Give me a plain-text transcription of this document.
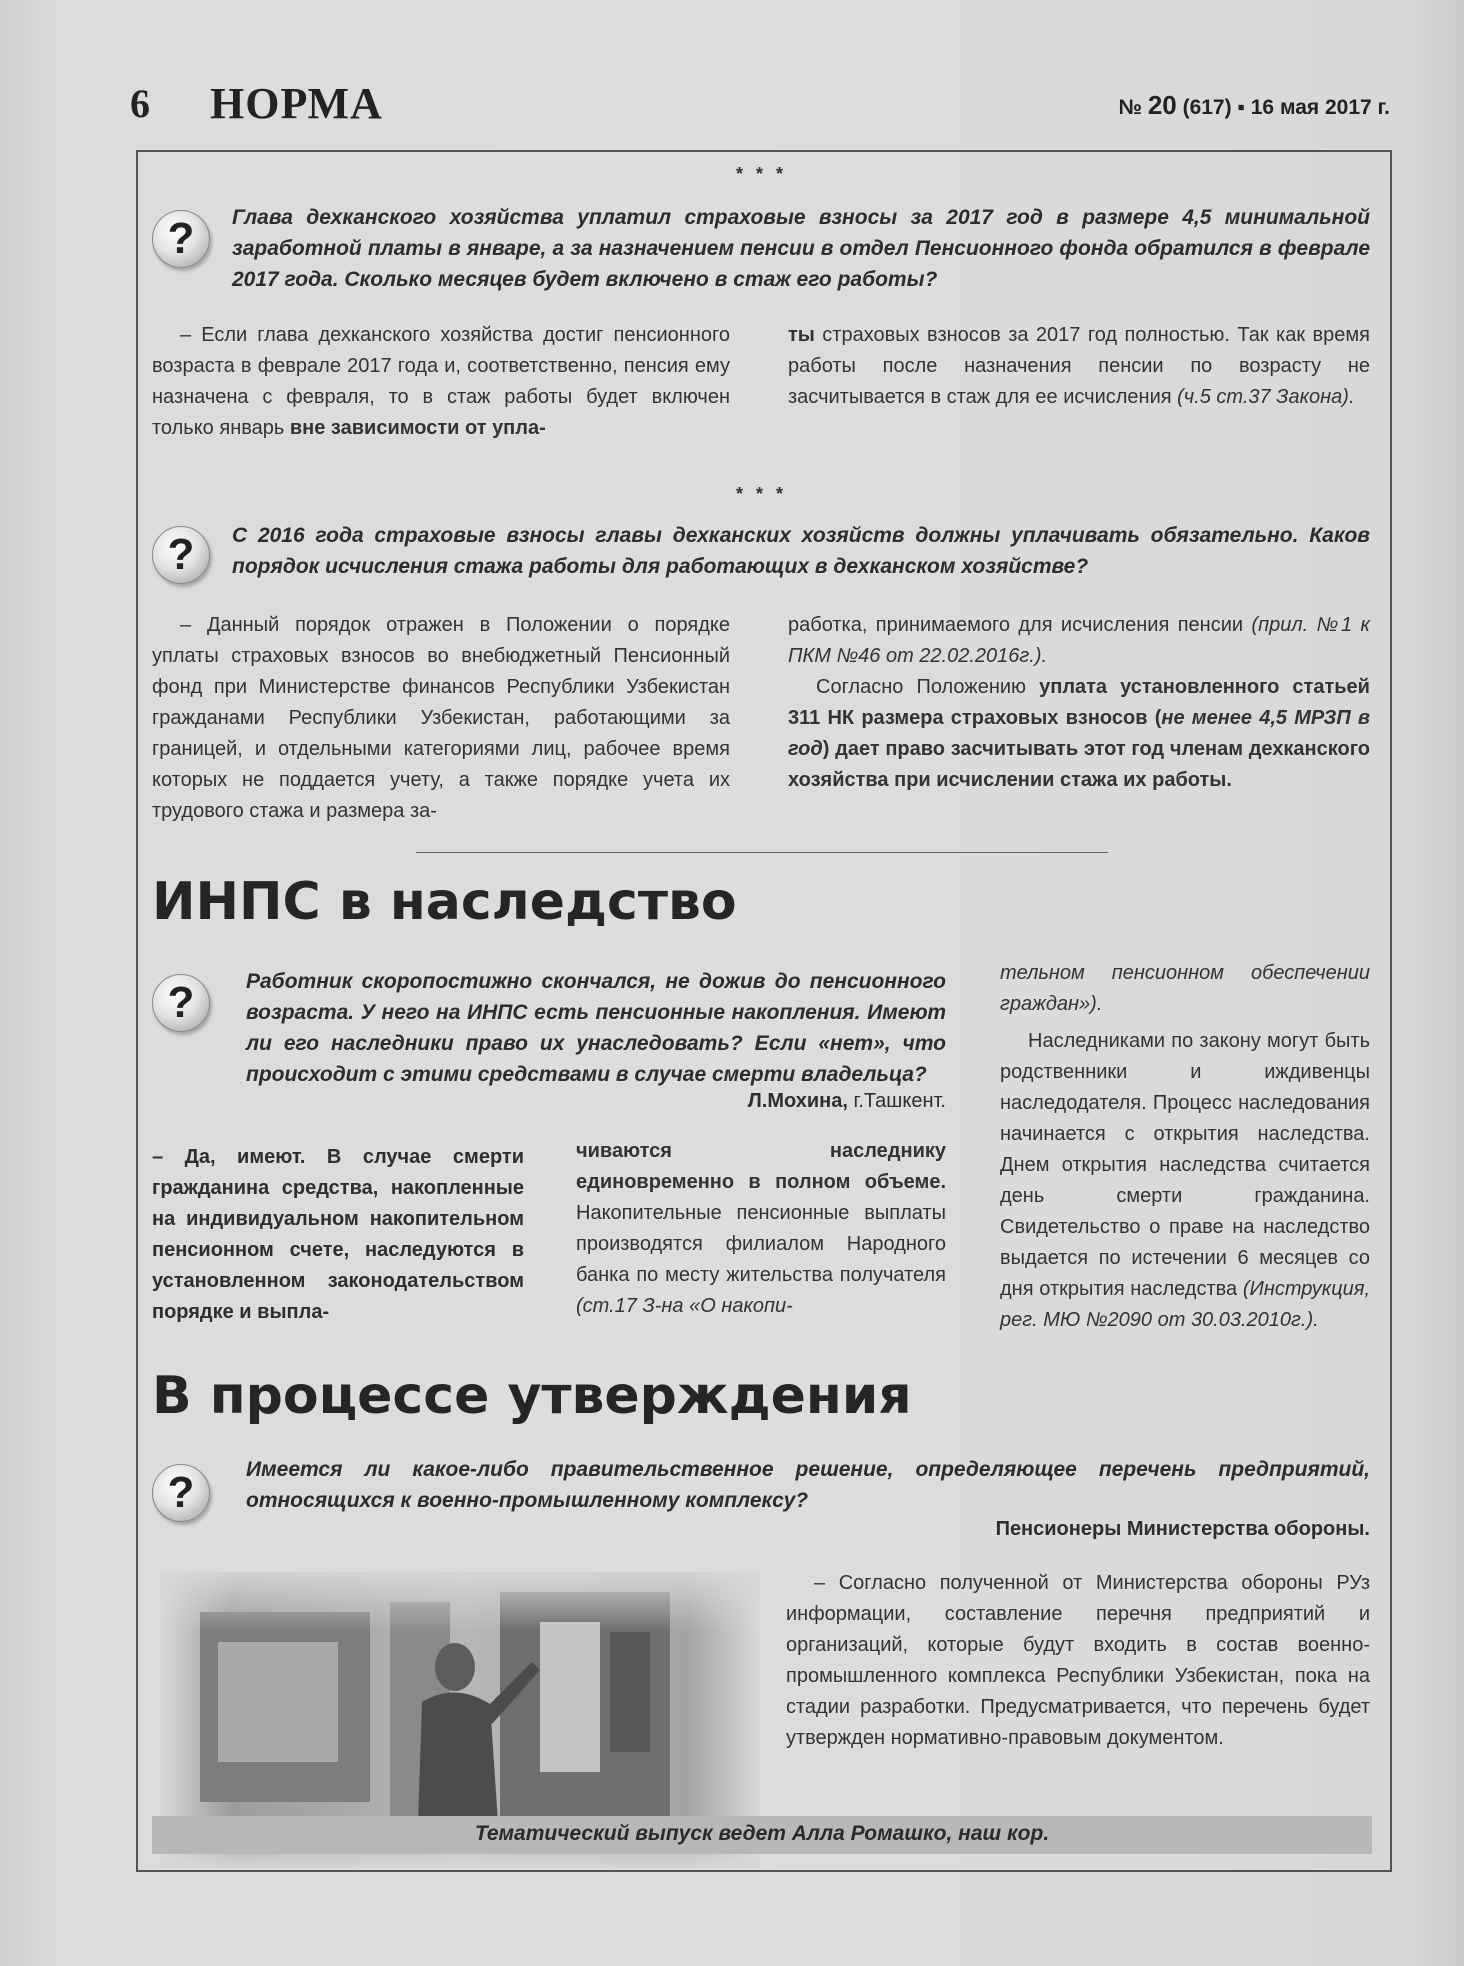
6 НОРМА	№ 20 (617) ▪ 16 мая 2017 г.
* * *
?	Глава дехканского хозяйства уплатил страховые взносы за 2017 год в размере 4,5 минимальной заработной платы в январе, а за назначением пенсии в отдел Пенсионного фонда обратился в феврале 2017 года. Сколько месяцев будет включено в стаж его работы?

– Если глава дехканского хозяйства достиг пенсионного возраста в феврале 2017 года и, соответственно, пенсия ему назначена с февраля, то в стаж работы будет включен только январь вне зависимости от упла-

ты страховых взносов за 2017 год полностью. Так как время работы после назначения пенсии по возрасту не засчитывается в стаж для ее исчисления (ч.5 ст.37 Закона).

* * *
?	С 2016 года страховые взносы главы дехканских хозяйств должны уплачивать обязательно. Каков порядок исчисления стажа работы для работающих в дехканском хозяйстве?

– Данный порядок отражен в Положении о порядке уплаты страховых взносов во внебюджетный Пенсионный фонд при Министерстве финансов Республики Узбекистан гражданами Республики Узбекистан, работающими за границей, и отдельными категориями лиц, рабочее время которых не поддается учету, а также порядке учета их трудового стажа и размера за-

работка, принимаемого для исчисления пенсии (прил. №1 к ПКМ №46 от 22.02.2016г.).

Согласно Положению уплата установленного статьей 311 НК размера страховых взносов (не менее 4,5 МРЗП в год) дает право засчитывать этот год членам дехканского хозяйства при исчислении стажа их работы.

ИНПС в наследство
?	Работник скоропостижно скончался, не дожив до пенсионного возраста. У него на ИНПС есть пенсионные накопления. Имеют ли его наследники право их унаследовать? Если «нет», что происходит с этими средствами в случае смерти владельца?
Л.Мохина, г.Ташкент.
– Да, имеют. В случае смерти гражданина средства, накопленные на индивидуальном накопительном пенсионном счете, наследуются в установленном законодательством порядке и выпла-

чиваются наследнику единовременно в полном объеме. Накопительные пенсионные выплаты производятся филиалом Народного банка по месту жительства получателя (ст.17 З-на «О накопи-

тельном пенсионном обеспечении граждан»).

Наследниками по закону могут быть родственники и иждивенцы наследодателя. Процесс наследования начинается с открытия наследства. Днем открытия наследства считается день смерти гражданина. Свидетельство о праве на наследство выдается по истечении 6 месяцев со дня открытия наследства (Инструкция, рег. МЮ №2090 от 30.03.2010г.).

В процессе утверждения
?	Имеется ли какое-либо правительственное решение, определяющее перечень предприятий, относящихся к военно-промышленному комплексу?
Пенсионеры Министерства обороны.

– Согласно полученной от Министерства обороны РУз информации, составление перечня предприятий и организаций, которые будут входить в состав военно-промышленного комплекса Республики Узбекистан, пока на стадии разработки. Предусматривается, что перечень будет утвержден нормативно-правовым документом.

Тематический выпуск ведет Алла Ромашко, наш кор.
